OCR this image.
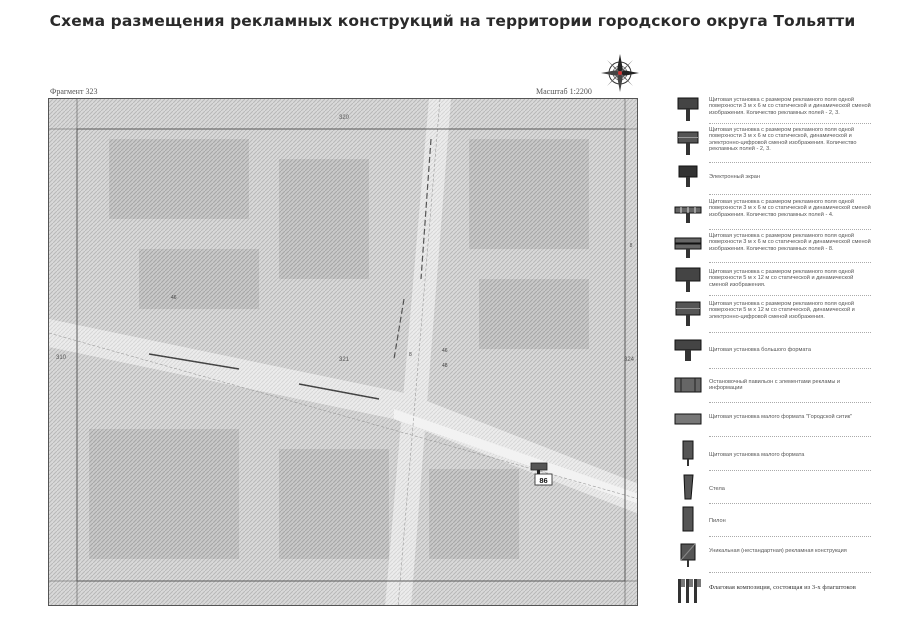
Схема размещения рекламных конструкций на территории городского округа Тольятти
Фрагмент 323	Масштаб 1:2200
320
310	321	324
8
46
8
46
48
86
Щитовая установка с размером рекламного поля одной поверхности 3 м х 6 м со статической и динамической сменой изображения. Количество рекламных полей - 2, 3.
Щитовая установка с размером рекламного поля одной поверхности 3 м х 6 м со статической, динамической и электронно-цифровой сменой изображения. Количество рекламных полей - 2, 3.
Электронный экран
Щитовая установка с размером рекламного поля одной поверхности 3 м х 6 м со статической и динамической сменой изображения. Количество рекламных полей - 4.
Щитовая установка с размером рекламного поля одной поверхности 3 м х 6 м со статической и динамической сменой изображения. Количество рекламных полей - 8.
Щитовая установка с размером рекламного поля одной поверхности 5 м х 12 м со статической и динамической сменой изображения.
Щитовая установка с размером рекламного поля одной поверхности 5 м х 12 м со статической, динамической и электронно-цифровой сменой изображения.
Щитовая установка большого формата
Остановочный павильон с элементами рекламы и информации
Щитовая установка малого формата "Городской ситик"
Щитовая установка малого формата
Стела
Пилон
Уникальная (нестандартная) рекламная конструкция
Флаговая композиция, состоящая из 3-х флагштоков
